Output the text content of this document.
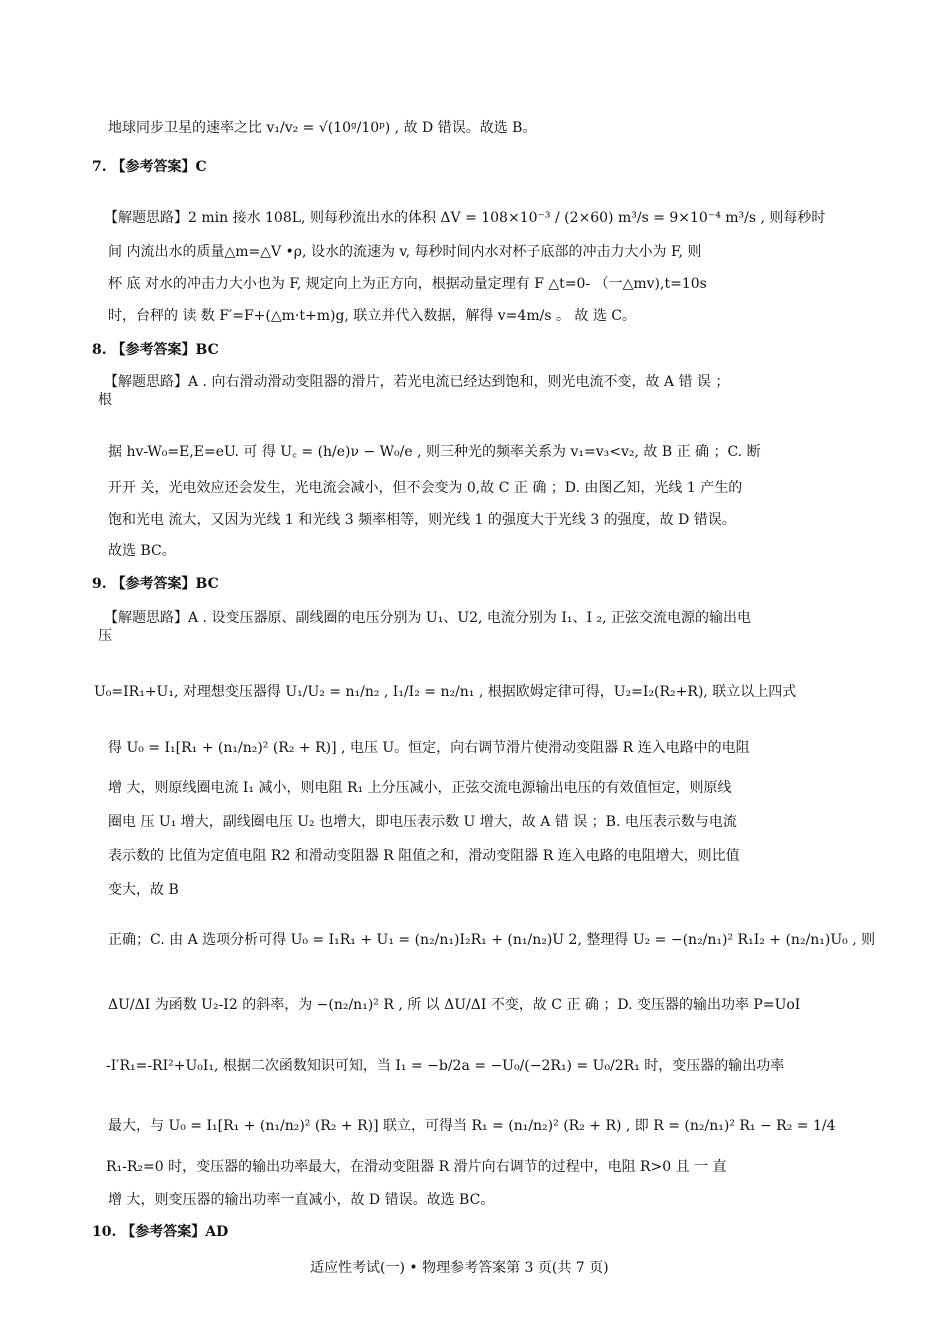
地球同步卫星的速率之比 v₁/v₂ = √(10ᵍ/10ᵖ) , 故 D 错误。故选 B。
7. 【参考答案】C
【解题思路】2 min 接水 108L, 则每秒流出水的体积 ΔV = 108×10⁻³ / (2×60) m³/s = 9×10⁻⁴ m³/s , 则每秒时
间 内流出水的质量△m=△V •ρ, 设水的流速为 v, 每秒时间内水对杯子底部的冲击力大小为 F, 则
杯 底 对水的冲击力大小也为 F, 规定向上为正方向，根据动量定理有 F △t=0- （一△mv),t=10s
时，台秤的 读 数 F′=F+(△m·t+m)g, 联立并代入数据，解得 v=4m/s 。 故 选 C。
8. 【参考答案】BC
【解题思路】A . 向右滑动滑动变阻器的滑片，若光电流已经达到饱和，则光电流不变，故 A 错 误 ；
根
据 hv-W₀=E,E=eU. 可 得 U꜀ = (h/e)ν − W₀/e , 则三种光的频率关系为 v₁=v₃<v₂, 故 B 正 确 ；C. 断
开开 关，光电效应还会发生，光电流会减小，但不会变为 0,故 C 正 确 ；D. 由图乙知，光线 1 产生的
饱和光电 流大，又因为光线 1 和光线 3 频率相等，则光线 1 的强度大于光线 3 的强度，故 D 错误。
故选 BC。
9. 【参考答案】BC
【解题思路】A . 设变压器原、副线圈的电压分别为 U₁、U2, 电流分别为 I₁、I ₂, 正弦交流电源的输出电
压
U₀=IR₁+U₁, 对理想变压器得 U₁/U₂ = n₁/n₂ , I₁/I₂ = n₂/n₁ , 根据欧姆定律可得，U₂=I₂(R₂+R), 联立以上四式
得 U₀ = I₁[R₁ + (n₁/n₂)² (R₂ + R)] , 电压 U。恒定，向右调节滑片使滑动变阻器 R 连入电路中的电阻
增 大，则原线圈电流 I₁ 减小，则电阻 R₁ 上分压减小，正弦交流电源输出电压的有效值恒定，则原线
圈电 压 U₁ 增大，副线圈电压 U₂ 也增大，即电压表示数 U 增大，故 A 错 误 ；B. 电压表示数与电流
表示数的 比值为定值电阻 R2 和滑动变阻器 R 阻值之和，滑动变阻器 R 连入电路的电阻增大，则比值
变大，故 B
正确；C. 由 A 选项分析可得 U₀ = I₁R₁ + U₁ = (n₂/n₁)I₂R₁ + (n₁/n₂)U 2, 整理得 U₂ = −(n₂/n₁)² R₁I₂ + (n₂/n₁)U₀ , 则
ΔU/ΔI 为函数 U₂-I2 的斜率，为 −(n₂/n₁)² R , 所 以 ΔU/ΔI 不变，故 C 正 确 ；D. 变压器的输出功率 P=UoI
-I′R₁=-RI²+U₀I₁, 根据二次函数知识可知，当 I₁ = −b/2a = −U₀/(−2R₁) = U₀/2R₁ 时，变压器的输出功率
最大，与 U₀ = I₁[R₁ + (n₁/n₂)² (R₂ + R)] 联立，可得当 R₁ = (n₁/n₂)² (R₂ + R) , 即 R = (n₂/n₁)² R₁ − R₂ = 1/4
R₁-R₂=0 时，变压器的输出功率最大，在滑动变阻器 R 滑片向右调节的过程中，电阻 R>0 且 一 直
增 大，则变压器的输出功率一直减小，故 D 错误。故选 BC。
10. 【参考答案】AD
适应性考试(一) • 物理参考答案第 3 页(共 7 页)
